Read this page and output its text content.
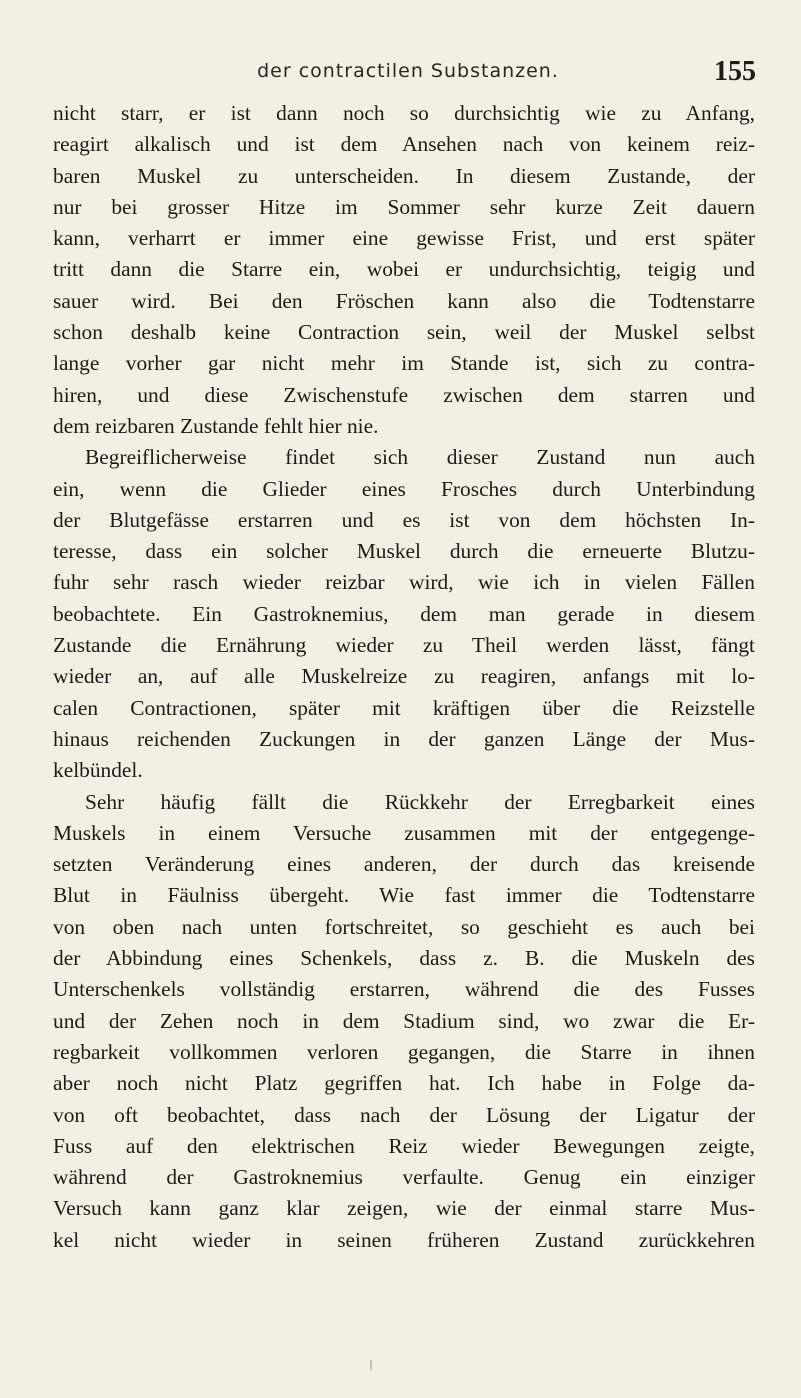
der contractilen Substanzen.	155
nicht starr, er ist dann noch so durchsichtig wie zu Anfang,
reagirt alkalisch und ist dem Ansehen nach von keinem reiz-
baren Muskel zu unterscheiden. In diesem Zustande, der
nur bei grosser Hitze im Sommer sehr kurze Zeit dauern
kann, verharrt er immer eine gewisse Frist, und erst später
tritt dann die Starre ein, wobei er undurchsichtig, teigig und
sauer wird. Bei den Fröschen kann also die Todtenstarre
schon deshalb keine Contraction sein, weil der Muskel selbst
lange vorher gar nicht mehr im Stande ist, sich zu contra-
hiren, und diese Zwischenstufe zwischen dem starren und
dem reizbaren Zustande fehlt hier nie.
Begreiflicherweise findet sich dieser Zustand nun auch
ein, wenn die Glieder eines Frosches durch Unterbindung
der Blutgefässe erstarren und es ist von dem höchsten In-
teresse, dass ein solcher Muskel durch die erneuerte Blutzu-
fuhr sehr rasch wieder reizbar wird, wie ich in vielen Fällen
beobachtete. Ein Gastroknemius, dem man gerade in diesem
Zustande die Ernährung wieder zu Theil werden lässt, fängt
wieder an, auf alle Muskelreize zu reagiren, anfangs mit lo-
calen Contractionen, später mit kräftigen über die Reizstelle
hinaus reichenden Zuckungen in der ganzen Länge der Mus-
kelbündel.
Sehr häufig fällt die Rückkehr der Erregbarkeit eines
Muskels in einem Versuche zusammen mit der entgegenge-
setzten Veränderung eines anderen, der durch das kreisende
Blut in Fäulniss übergeht. Wie fast immer die Todtenstarre
von oben nach unten fortschreitet, so geschieht es auch bei
der Abbindung eines Schenkels, dass z. B. die Muskeln des
Unterschenkels vollständig erstarren, während die des Fusses
und der Zehen noch in dem Stadium sind, wo zwar die Er-
regbarkeit vollkommen verloren gegangen, die Starre in ihnen
aber noch nicht Platz gegriffen hat. Ich habe in Folge da-
von oft beobachtet, dass nach der Lösung der Ligatur der
Fuss auf den elektrischen Reiz wieder Bewegungen zeigte,
während der Gastroknemius verfaulte. Genug ein einziger
Versuch kann ganz klar zeigen, wie der einmal starre Mus-
kel nicht wieder in seinen früheren Zustand zurückkehren
